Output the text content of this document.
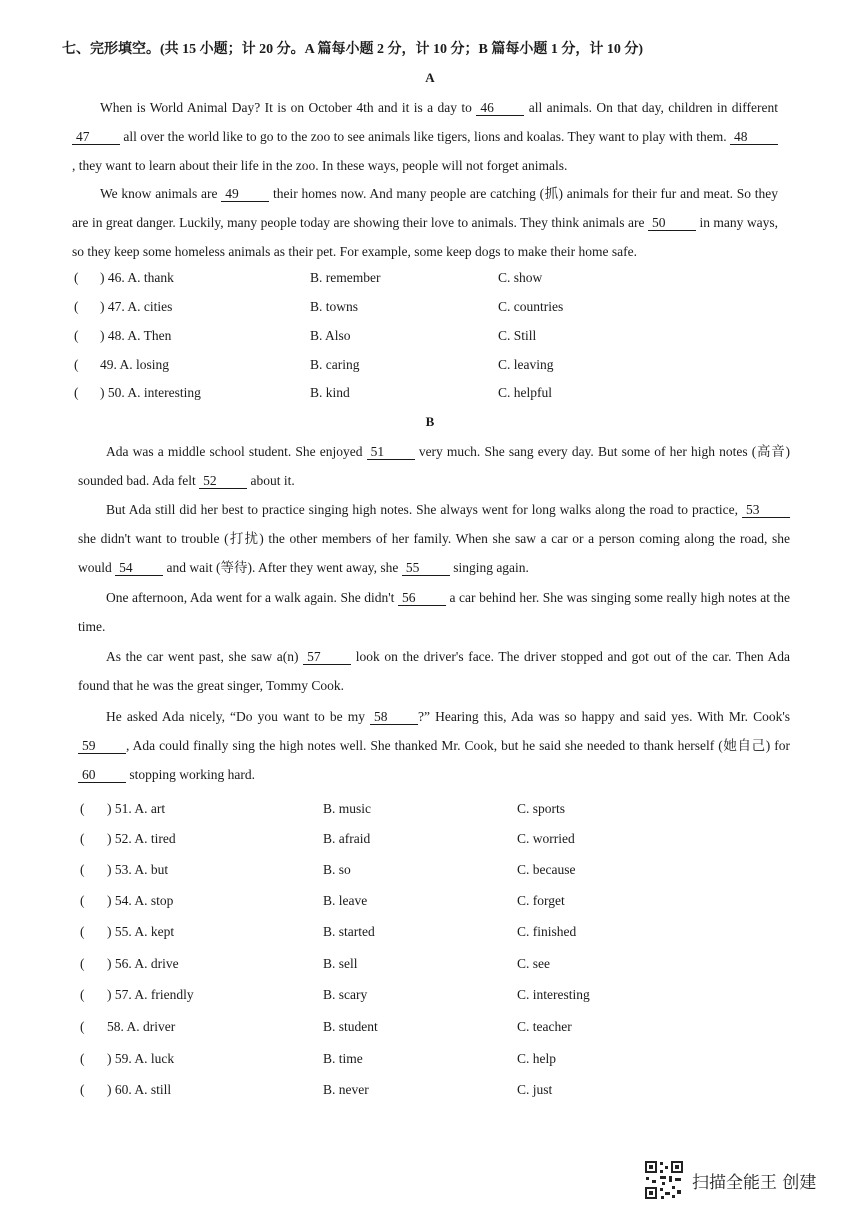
七、完形填空。(共 15 小题；计 20 分。A 篇每小题 2 分，计 10 分；B 篇每小题 1 分，计 10 分)
A
When is World Animal Day? It is on October 4th and it is a day to 46	all animals. On that day, children in different 47	all over the world like to go to the zoo to see animals like tigers, lions and koalas. They want to play with them. 48, they want to learn about their life in the zoo. In these ways, people will not forget animals.
We know animals are 49	their homes now. And many people are catching (抓) animals for their fur and meat. So they are in great danger. Luckily, many people today are showing their love to animals. They think animals are 50	in many ways, so they keep some homeless animals as their pet. For example, some keep dogs to make their home safe.
( ) 46. A. thank	B. remember	C. show
( ) 47. A. cities	B. towns	C. countries
( ) 48. A. Then	B. Also	C. Still
( 49. A. losing	B. caring	C. leaving
( ) 50. A. interesting	B. kind	C. helpful
B
Ada was a middle school student. She enjoyed 51	very much. She sang every day. But some of her high notes (高音) sounded bad. Ada felt 52	about it.
But Ada still did her best to practice singing high notes. She always went for long walks along the road to practice, 53 she didn't want to trouble (打扰) the other members of her family. When she saw a car or a person coming along the road, she would 54	and wait (等待). After they went away, she 55	singing again.
One afternoon, Ada went for a walk again. She didn't 56	a car behind her. She was singing some really high notes at the time.
As the car went past, she saw a(n) 57	look on the driver's face. The driver stopped and got out of the car. Then Ada found that he was the great singer, Tommy Cook.
He asked Ada nicely, “Do you want to be my 58 ?” Hearing this, Ada was so happy and said yes. With Mr. Cook's 59 , Ada could finally sing the high notes well. She thanked Mr. Cook, but he said she needed to thank herself (她自己) for 60	stopping working hard.
( ) 51. A. art	B. music	C. sports
( ) 52. A. tired	B. afraid	C. worried
( ) 53. A. but	B. so	C. because
( ) 54. A. stop	B. leave	C. forget
( ) 55. A. kept	B. started	C. finished
( ) 56. A. drive	B. sell	C. see
( ) 57. A. friendly	B. scary	C. interesting
( 58. A. driver	B. student	C. teacher
( ) 59. A. luck	B. time	C. help
( ) 60. A. still	B. never	C. just
扫描全能王 创建
